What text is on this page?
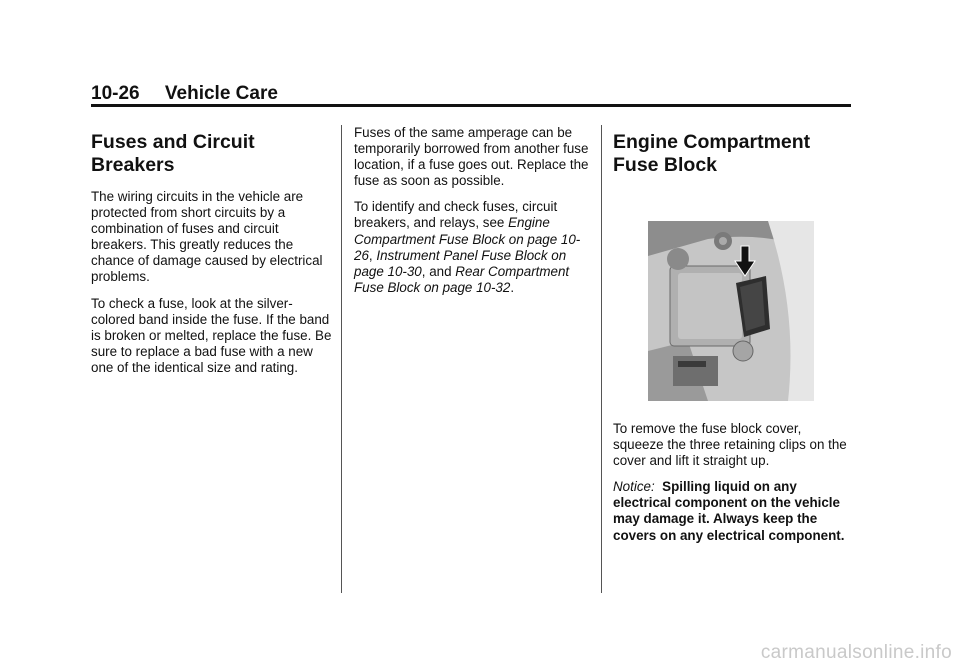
10-26 Vehicle Care
Fuses and Circuit
Breakers

The wiring circuits in the vehicle are protected from short circuits by a combination of fuses and circuit breakers. This greatly reduces the chance of damage caused by electrical problems.

To check a fuse, look at the silver-colored band inside the fuse. If the band is broken or melted, replace the fuse. Be sure to replace a bad fuse with a new one of the identical size and rating.

Fuses of the same amperage can be temporarily borrowed from another fuse location, if a fuse goes out. Replace the fuse as soon as possible.

To identify and check fuses, circuit breakers, and relays, see Engine Compartment Fuse Block on page 10-26, Instrument Panel Fuse Block on page 10-30, and Rear Compartment Fuse Block on page 10-32.

Engine Compartment
Fuse Block

To remove the fuse block cover, squeeze the three retaining clips on the cover and lift it straight up.

Notice: Spilling liquid on any electrical component on the vehicle may damage it. Always keep the covers on any electrical component.

carmanualsonline.info
